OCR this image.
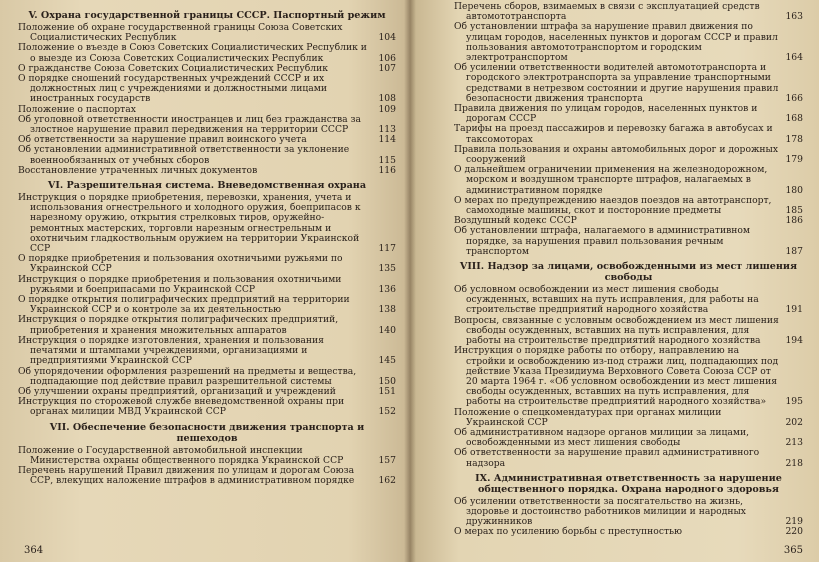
V. Охрана государственной границы СССР. Паспортный режим
Положение об охране государственной границы Союза Советских Социалистических Республик	104
Положение о въезде в Союз Советских Социалистических Республик и о выезде из Союза Советских Социалистических Республик	106
О гражданстве Союза Советских Социалистических Республик	107
О порядке сношений государственных учреждений СССР и их должностных лиц с учреждениями и должностными лицами иностранных государств	108
Положение о паспортах	109
Об уголовной ответственности иностранцев и лиц без гражданства за злостное нарушение правил передвижения на территории СССР	113
Об ответственности за нарушение правил воинского учета	114
Об установлении административной ответственности за уклонение военнообязанных от учебных сборов	115
Восстановление утраченных личных документов	116
VI. Разрешительная система. Вневедомственная охрана
Инструкция о порядке приобретения, перевозки, хранения, учета и использования огнестрельного и холодного оружия, боеприпасов к нарезному оружию, открытия стрелковых тиров, оружейно-ремонтных мастерских, торговли нарезным огнестрельным и охотничьим гладкоствольным оружием на территории Украинской ССР	117
О порядке приобретения и пользования охотничьими ружьями по Украинской ССР	135
Инструкция о порядке приобретения и пользования охотничьими ружьями и боеприпасами по Украинской ССР	136
О порядке открытия полиграфических предприятий на территории Украинской ССР и о контроле за их деятельностью	138
Инструкция о порядке открытия полиграфических предприятий, приобретения и хранения множительных аппаратов	140
Инструкция о порядке изготовления, хранения и пользования печатями и штампами учреждениями, организациями и предприятиями Украинской ССР	145
Об упорядочении оформления разрешений на предметы и вещества, подпадающие под действие правил разрешительной системы	150
Об улучшении охраны предприятий, организаций и учреждений	151
Инструкция по сторожевой службе вневедомственной охраны при органах милиции МВД Украинской ССР	152
VII. Обеспечение безопасности движения транспорта и пешеходов
Положение о Государственной автомобильной инспекции Министерства охраны общественного порядка Украинской ССР	157
Перечень нарушений Правил движения по улицам и дорогам Союза ССР, влекущих наложение штрафов в административном порядке	162
364
Перечень сборов, взимаемых в связи с эксплуатацией средств автомототранспорта	163
Об установлении штрафа за нарушение правил движения по улицам городов, населенных пунктов и дорогам СССР и правил пользования автомототранспортом и городским электротранспортом	164
Об усилении ответственности водителей автомототранспорта и городского электротранспорта за управление транспортными средствами в нетрезвом состоянии и другие нарушения правил безопасности движения транспорта	166
Правила движения по улицам городов, населенных пунктов и дорогам СССР	168
Тарифы на проезд пассажиров и перевозку багажа в автобусах и таксомоторах	178
Правила пользования и охраны автомобильных дорог и дорожных сооружений	179
О дальнейшем ограничении применения на железнодорожном, морском и воздушном транспорте штрафов, налагаемых в административном порядке	180
О мерах по предупреждению наездов поездов на автотранспорт, самоходные машины, скот и посторонние предметы	185
Воздушный кодекс СССР	186
Об установлении штрафа, налагаемого в административном порядке, за нарушения правил пользования речным транспортом	187
VIII. Надзор за лицами, освобожденными из мест лишения свободы
Об условном освобождении из мест лишения свободы осужденных, вставших на путь исправления, для работы на строительстве предприятий народного хозяйства	191
Вопросы, связанные с условным освобождением из мест лишения свободы осужденных, вставших на путь исправления, для работы на строительстве предприятий народного хозяйства	194
Инструкция о порядке работы по отбору, направлению на стройки и освобождению из-под стражи лиц, подпадающих под действие Указа Президиума Верховного Совета Союза ССР от 20 марта 1964 г. «Об условном освобождении из мест лишения свободы осужденных, вставших на путь исправления, для работы на строительстве предприятий народного хозяйства»	195
Положение о спецкомендатурах при органах милиции Украинской ССР	202
Об административном надзоре органов милиции за лицами, освобожденными из мест лишения свободы	213
Об ответственности за нарушение правил административного надзора	218
IX. Административная ответственность за нарушение общественного порядка. Охрана народного здоровья
Об усилении ответственности за посягательство на жизнь, здоровье и достоинство работников милиции и народных дружинников	219
О мерах по усилению борьбы с преступностью	220
365
